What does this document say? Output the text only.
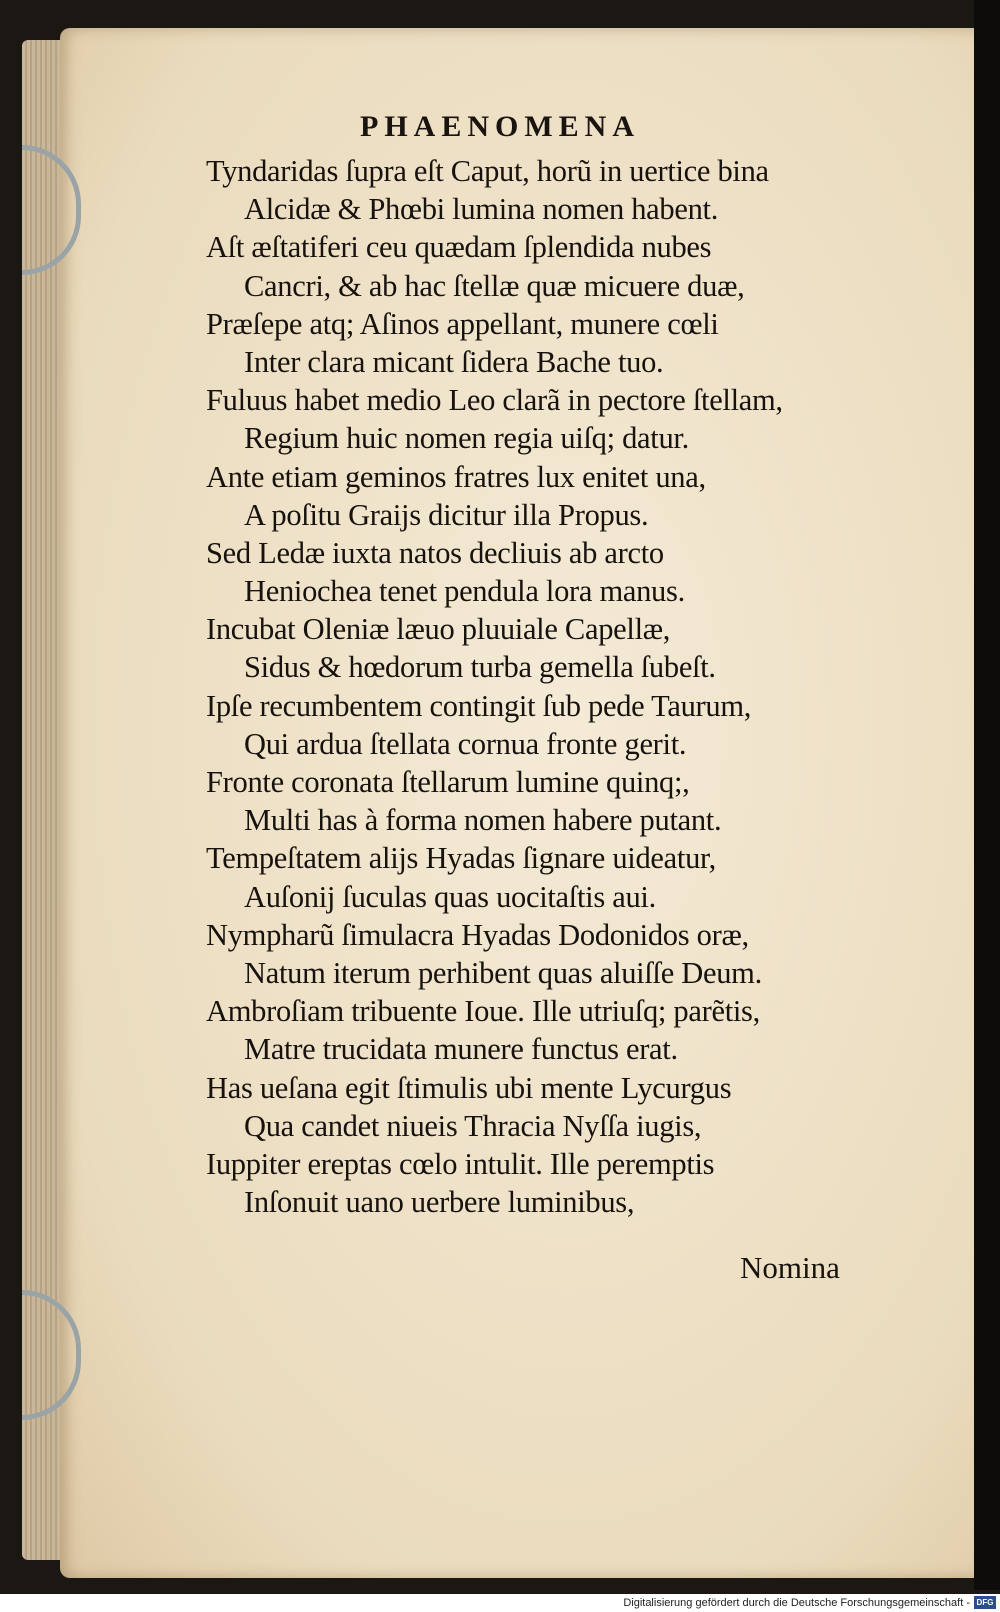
PHAENOMENA
Tyndaridas ſupra eſt Caput, horũ in uertice bina
Alcidæ & Phœbi lumina nomen habent.
Aſt æſtatiferi ceu quædam ſplendida nubes
Cancri, & ab hac ſtellæ quæ micuere duæ,
Præſepe atq; Aſinos appellant, munere cœli
Inter clara micant ſidera Bache tuo.
Fuluus habet medio Leo clarã in pectore ſtellam,
Regium huic nomen regia uiſq; datur.
Ante etiam geminos fratres lux enitet una,
A poſitu Graijs dicitur illa Propus.
Sed Ledæ iuxta natos decliuis ab arcto
Heniochea tenet pendula lora manus.
Incubat Oleniæ læuo pluuiale Capellæ,
Sidus & hœdorum turba gemella ſubeſt.
Ipſe recumbentem contingit ſub pede Taurum,
Qui ardua ſtellata cornua fronte gerit.
Fronte coronata ſtellarum lumine quinq;,
Multi has à forma nomen habere putant.
Tempeſtatem alijs Hyadas ſignare uideatur,
Auſonij ſuculas quas uocitaſtis aui.
Nympharũ ſimulacra Hyadas Dodonidos oræ,
Natum iterum perhibent quas aluiſſe Deum.
Ambroſiam tribuente Ioue. Ille utriuſq; parẽtis,
Matre trucidata munere functus erat.
Has ueſana egit ſtimulis ubi mente Lycurgus
Qua candet niueis Thracia Nyſſa iugis,
Iuppiter ereptas cœlo intulit. Ille peremptis
Inſonuit uano uerbere luminibus,
Nomina
Digitalisierung gefördert durch die Deutsche Forschungsgemeinschaft - DFG
